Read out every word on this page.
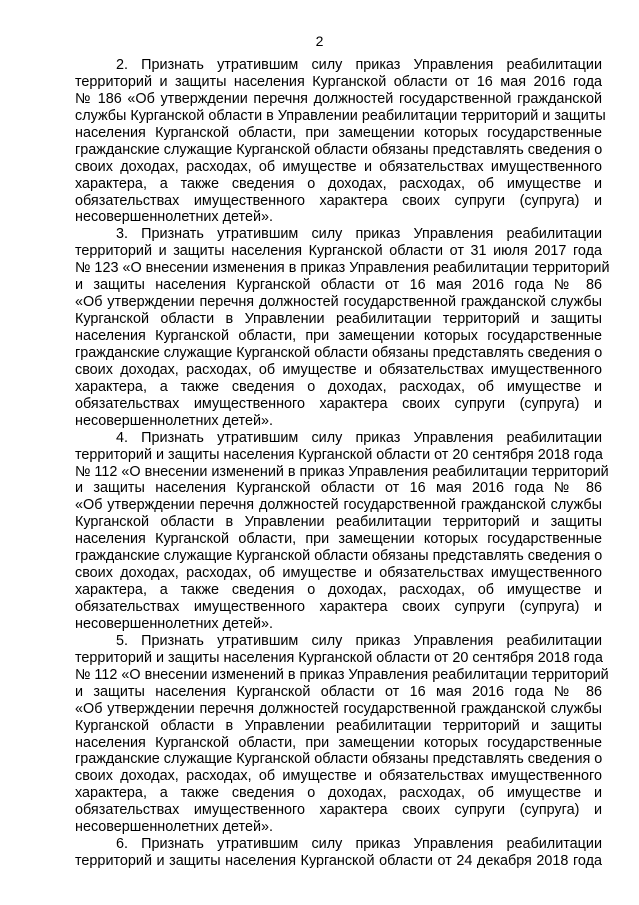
2
2. Признать утратившим силу приказ Управления реабилитации
территорий и защиты населения Курганской области от 16 мая 2016 года
№ 186 «Об утверждении перечня должностей государственной гражданской
службы Курганской области в Управлении реабилитации территорий и защиты
населения Курганской области, при замещении которых государственные
гражданские служащие Курганской области обязаны представлять сведения о
своих доходах, расходах, об имуществе и обязательствах имущественного
характера, а также сведения о доходах, расходах, об имуществе и
обязательствах имущественного характера своих супруги (супруга) и
несовершеннолетних детей».
3. Признать утратившим силу приказ Управления реабилитации
территорий и защиты населения Курганской области от 31 июля 2017 года
№ 123 «О внесении изменения в приказ Управления реабилитации территорий
и защиты населения Курганской области от 16 мая 2016 года № 86
«Об утверждении перечня должностей государственной гражданской службы
Курганской области в Управлении реабилитации территорий и защиты
населения Курганской области, при замещении которых государственные
гражданские служащие Курганской области обязаны представлять сведения о
своих доходах, расходах, об имуществе и обязательствах имущественного
характера, а также сведения о доходах, расходах, об имуществе и
обязательствах имущественного характера своих супруги (супруга) и
несовершеннолетних детей».
4. Признать утратившим силу приказ Управления реабилитации
территорий и защиты населения Курганской области от 20 сентября 2018 года
№ 112 «О внесении изменений в приказ Управления реабилитации территорий
и защиты населения Курганской области от 16 мая 2016 года № 86
«Об утверждении перечня должностей государственной гражданской службы
Курганской области в Управлении реабилитации территорий и защиты
населения Курганской области, при замещении которых государственные
гражданские служащие Курганской области обязаны представлять сведения о
своих доходах, расходах, об имуществе и обязательствах имущественного
характера, а также сведения о доходах, расходах, об имуществе и
обязательствах имущественного характера своих супруги (супруга) и
несовершеннолетних детей».
5. Признать утратившим силу приказ Управления реабилитации
территорий и защиты населения Курганской области от 20 сентября 2018 года
№ 112 «О внесении изменений в приказ Управления реабилитации территорий
и защиты населения Курганской области от 16 мая 2016 года № 86
«Об утверждении перечня должностей государственной гражданской службы
Курганской области в Управлении реабилитации территорий и защиты
населения Курганской области, при замещении которых государственные
гражданские служащие Курганской области обязаны представлять сведения о
своих доходах, расходах, об имуществе и обязательствах имущественного
характера, а также сведения о доходах, расходах, об имуществе и
обязательствах имущественного характера своих супруги (супруга) и
несовершеннолетних детей».
6. Признать утратившим силу приказ Управления реабилитации
территорий и защиты населения Курганской области от 24 декабря 2018 года
